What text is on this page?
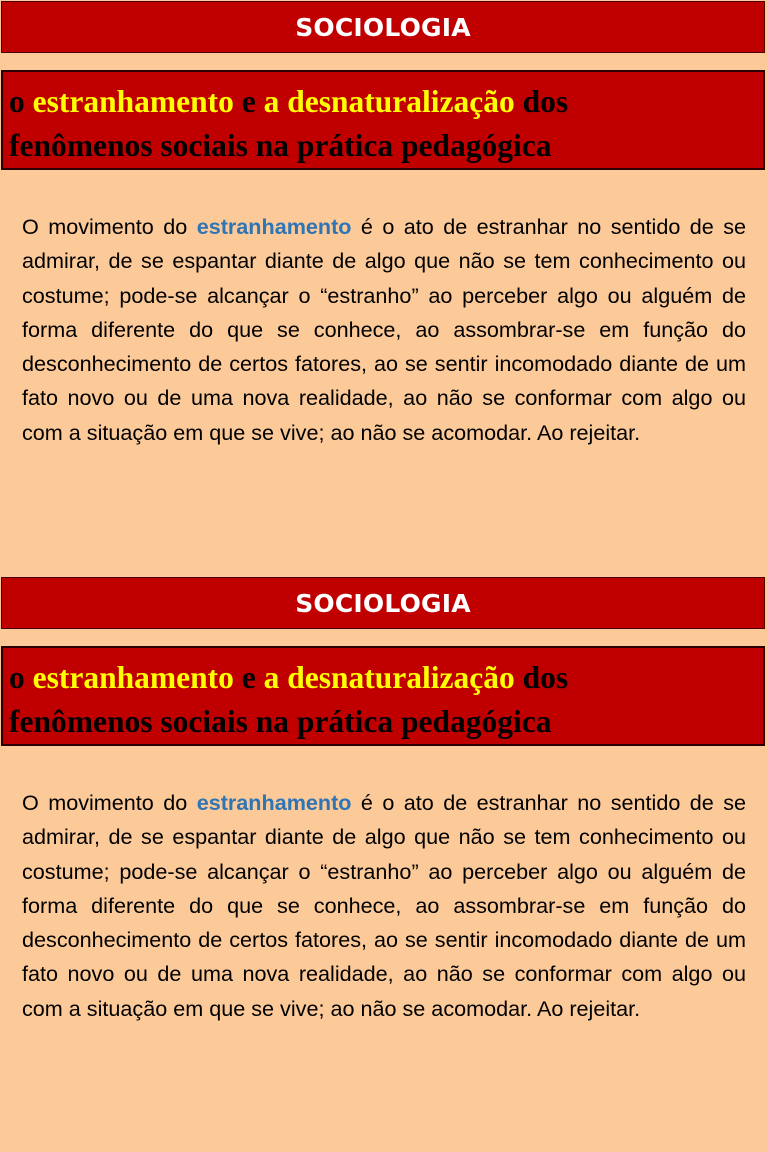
SOCIOLOGIA

o estranhamento e a desnaturalização dos

fenômenos sociais na prática pedagógica

O movimento do estranhamento é o ato de estranhar no sentido de se admirar, de se espantar diante de algo que não se tem conhecimento ou costume; pode-se alcançar o “estranho” ao perceber algo ou alguém de forma diferente do que se conhece, ao assombrar-se em função do desconhecimento de certos fatores, ao se sentir incomodado diante de um fato novo ou de uma nova realidade, ao não se conformar com algo ou com a situação em que se vive; ao não se acomodar. Ao rejeitar.

SOCIOLOGIA

o estranhamento e a desnaturalização dos

fenômenos sociais na prática pedagógica

O movimento do estranhamento é o ato de estranhar no sentido de se admirar, de se espantar diante de algo que não se tem conhecimento ou costume; pode-se alcançar o “estranho” ao perceber algo ou alguém de forma diferente do que se conhece, ao assombrar-se em função do desconhecimento de certos fatores, ao se sentir incomodado diante de um fato novo ou de uma nova realidade, ao não se conformar com algo ou com a situação em que se vive; ao não se acomodar. Ao rejeitar.
